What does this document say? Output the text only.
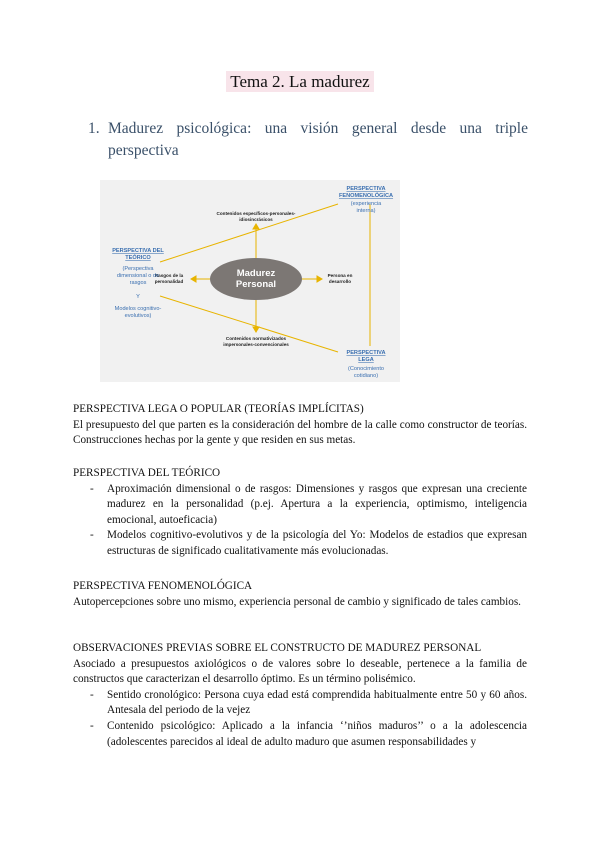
Tema 2. La madurez
1. Madurez psicológica: una visión general desde una triple
perspectiva
Madurez
Personal
Contenidos específicos-personales-
idiosincrásicos
Contenidos normativizados
impersonales-convencionales
Rasgos de la
personalidad
Persona en
desarrollo
PERSPECTIVA DEL
TEÓRICO
(Perspectiva
dimensional o de
rasgos
Y
Modelos cognitivo-
evolutivos)
PERSPECTIVA
FENOMENOLÓGICA
(experiencia
interna)
PERSPECTIVA
LEGA
(Conocimiento
cotidiano)

PERSPECTIVA LEGA O POPULAR (TEORÍAS IMPLÍCITAS)

El presupuesto del que parten es la consideración del hombre de la calle como constructor de teorías. Construcciones hechas por la gente y que residen en sus metas.

PERSPECTIVA DEL TEÓRICO

- Aproximación dimensional o de rasgos: Dimensiones y rasgos que expresan una creciente madurez en la personalidad (p.ej. Apertura a la experiencia, optimismo, inteligencia emocional, autoeficacia)
- Modelos cognitivo-evolutivos y de la psicología del Yo: Modelos de estadios que expresan estructuras de significado cualitativamente más evolucionadas.

PERSPECTIVA FENOMENOLÓGICA

Autopercepciones sobre uno mismo, experiencia personal de cambio y significado de tales cambios.

OBSERVACIONES PREVIAS SOBRE EL CONSTRUCTO DE MADUREZ PERSONAL

Asociado a presupuestos axiológicos o de valores sobre lo deseable, pertenece a la familia de constructos que caracterizan el desarrollo óptimo. Es un término polisémico.

- Sentido cronológico: Persona cuya edad está comprendida habitualmente entre 50 y 60 años. Antesala del periodo de la vejez
- Contenido psicológico: Aplicado a la infancia ‘’niños maduros’’ o a la adolescencia (adolescentes parecidos al ideal de adulto maduro que asumen responsabilidades y
